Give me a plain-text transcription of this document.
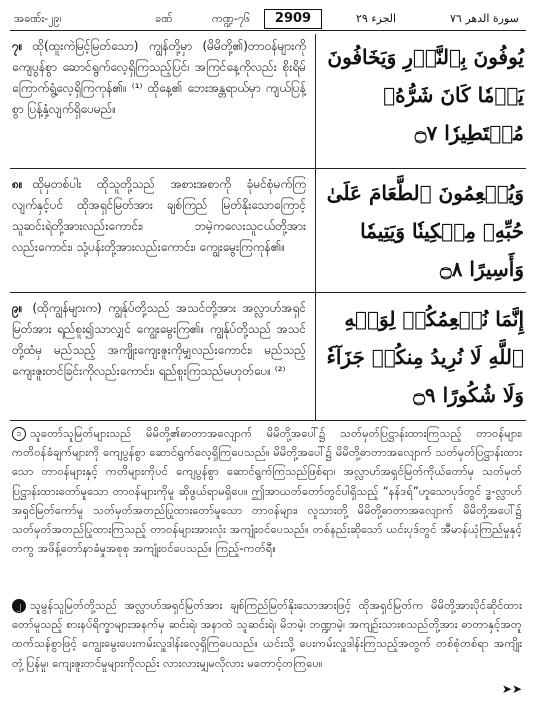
အခဏ်း-၂၉၊	ခဏ်	ကဏ္ဍ-၇၆	2909	الجزء ٢٩	سورة الدهر ٧٦
၇။ ထို(ထူးကဲမြင့်မြတ်သော) ကျွန်တို့မှာ (မိမိတို့၏)တာဝန်များကို ကျေပွန်စွာ ဆောင်ရွက်လေ့ရှိကြသည့်ပြင်၊ အကြင်နေ့ကိုလည်း စိုးရိမ်ကြောက်ရွံ့လေ့ရှိကြကုန်၏။ ⁽¹⁾ ထိုနေ့၏ ဘေးအန္တရာယ်မှာ ကျယ်ပြန့်စွာ ပြန့်နှံ့လျက်ရှိပေမည်။
يُوفُونَ بِٱلنَّذۡرِ وَيَخَافُونَ يَوۡمٗا كَانَ شَرُّهُۥ مُسۡتَطِيرٗا ۝٧
၈။ ထိုမှတစ်ပါး ထိုသူတို့သည် အစားအစာကို ခုံမင်စုံမက်ကြလျက်နှင့်ပင် ထိုအရှင်မြတ်အား ချစ်ကြည် မြတ်နိုးသောကြောင့် သူဆင်းရဲတို့အားလည်းကောင်း၊ ဘမဲ့ကလေးသူငယ်တို့အားလည်းကောင်း၊ သုံ့ပန်းတို့အားလည်းကောင်း၊ ကျွေးမွေးကြကုန်၏။
وَيُطۡعِمُونَ ٱلطَّعَامَ عَلَىٰ حُبِّهِۦ مِسۡكِينٗا وَيَتِيمٗا وَأَسِيرًا ۝٨
၉။ (ထိုကျွန်များက) ကျွန်ုပ်တို့သည် အသင်တို့အား အလ္လာဟ်အရှင်မြတ်အား ရည်စူး၍သာလျှင် ကျွေးမွေးကြ၏။ ကျွန်ုပ်တို့သည် အသင်တို့ထံမှ မည်သည့် အကျိုးကျေးဇူးကိုမျှလည်းကောင်း၊ မည်သည့်ကျေးဇူးတင်ခြင်းကိုလည်းကောင်း၊ ရည်စူးကြသည်မဟုတ်ပေ။ ⁽²⁾
إِنَّمَا نُطۡعِمُكُمۡ لِوَجۡهِ ٱللَّهِ لَا نُرِيدُ مِنكُمۡ جَزَآءٗ وَلَا شُكُورًا ۝٩
၁ သူတော်သူမြတ်များသည် မိမိတို့၏ဓာတာအလျောက် မိမိတို့အပေါ်၌ သတ်မှတ်ပြဋ္ဌာန်းထားကြသည့် တာဝန်များ၊ ကတိဝန်ခံချက်များကို ကျေပွန်စွာ ဆောင်ရွက်လေ့ရှိကြပေသည်။ မိမိတို့အပေါ်၌ မိမိတို့ဓာတာအလျောက် သတ်မှတ်ပြဋ္ဌာန်းထားသော တာဝန်များနှင့် ကတိများကိုပင် ကျေပွန်စွာ ဆောင်ရွက်ကြသည်ဖြစ်ရာ၊ အလ္လာဟ်အရှင်မြတ်ကိုယ်တော်မှ သတ်မှတ်ပြဋ္ဌာန်းထားတော်မူသော တာဝန်များကိုမူ ဆိုဖွယ်ရာမရှိပေ။ ဤအာယတ်တော်တွင်ပါရှိသည့် “နန်ဒရ်”ဟူသောပုဒ်တွင် ဒ္ဓ-လ္လာဟ်အရှင်မြတ်ကော်မူ သတ်မှတ်အတည်ပြုထားတော်မူသော တာဝန်များ၊ လူသားတို့ မိမိတို့ဓာတာအလျောက် မိမိတို့အပေါ်၌ သတ်မှတ်အတည်ပြုထားကြသည့် တာဝန်များအားလုံး အကျုံးဝင်ပေသည်။ တစ်နည်းဆိုသော် ယင်းပုဒ်တွင် အီမာန်ယုံကြည်မှုနှင့်တကွ အဖိန့်တော်နာခံမှုအစုစု အကျုံးဝင်ပေသည်။ ကြည့်-ကတ်ရီ။
၂ သူမွန်သူမြတ်တို့သည် အလ္လာဟ်အရှင်မြတ်အား ချစ်ကြည်မြတ်နိုးသောအားဖြင့် ထိုအရှင်မြတ်က မိမိတို့အားပိုင်ဆိုင်ထားတော်မူသည့် စားနပ်ရိက္ခာများအနက်မှ ဆင်းရဲ၊ အနာထဲ သူဆင်းရဲ၊ မိဘမဲ့၊ ဘဏ္ဍာမဲ့၊ အကျဉ်းသားစသည်တို့အား ဓာတာနှင့်အတူ ထက်သန်စွာဖြင့် ကျွေးမွေးပေးကမ်းလှူဒါန်းလေ့ရှိကြပေသည်။ ယင်းသို့ ပေးကမ်းလှူဒါန်းကြသည့်အတွက် တစ်စုံတစ်ရာ အကျိုးတုံ့ပြန်မှု၊ ကျေးဇူးတင်မှုများကိုလည်း လားလားမျှမလိုလား မတောင့်တကြပေ။
➤➤
